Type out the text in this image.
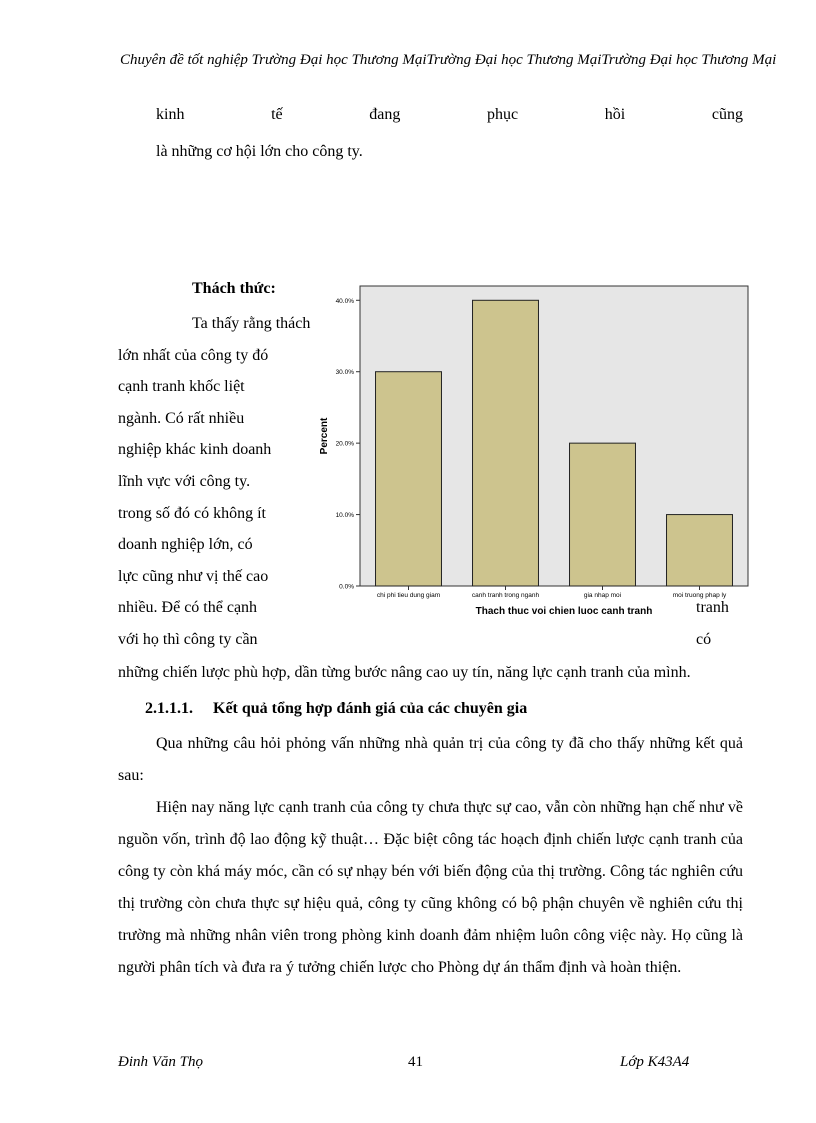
Chuyên đề tốt nghiệp Trường Đại học Thương MạiTrường Đại học Thương MạiTrường Đại học Thương Mại
kinh	tế	đang	phục	hồi	cũng
là những cơ hội lớn cho công ty.
Thách thức:
Ta thấy rằng thách
lớn nhất của công ty đó
cạnh tranh khốc liệt
ngành. Có rất nhiều
nghiệp khác kinh doanh
lĩnh vực với công ty.
trong số đó có không ít
doanh nghiệp lớn, có
lực cũng như vị thế cao
nhiều. Để có thể cạnh
với họ thì công ty cần
tranh
có
0.0%
10.0%
20.0%
30.0%
40.0%
chi phi tieu dung giam	canh tranh trong nganh	gia nhap moi	moi truong phap ly
Thach thuc voi chien luoc canh tranh
Percent
những chiến lược phù hợp, dần từng bước nâng cao uy tín, năng lực cạnh tranh của mình.
2.1.1.1. Kết quả tổng hợp đánh giá của các chuyên gia
Qua những câu hỏi phỏng vấn những nhà quản trị của công ty đã cho thấy những kết quả sau:
Hiện nay năng lực cạnh tranh của công ty chưa thực sự cao, vẫn còn những hạn chế như về nguồn vốn, trình độ lao động kỹ thuật… Đặc biệt công tác hoạch định chiến lược cạnh tranh của công ty còn khá máy móc, cần có sự nhạy bén với biến động của thị trường. Công tác nghiên cứu thị trường còn chưa thực sự hiệu quả, công ty cũng không có bộ phận chuyên về nghiên cứu thị trường mà những nhân viên trong phòng kinh doanh đảm nhiệm luôn công việc này. Họ cũng là người phân tích và đưa ra ý tưởng chiến lược cho Phòng dự án thẩm định và hoàn thiện.
Đinh Văn Thọ	41	Lớp K43A4
